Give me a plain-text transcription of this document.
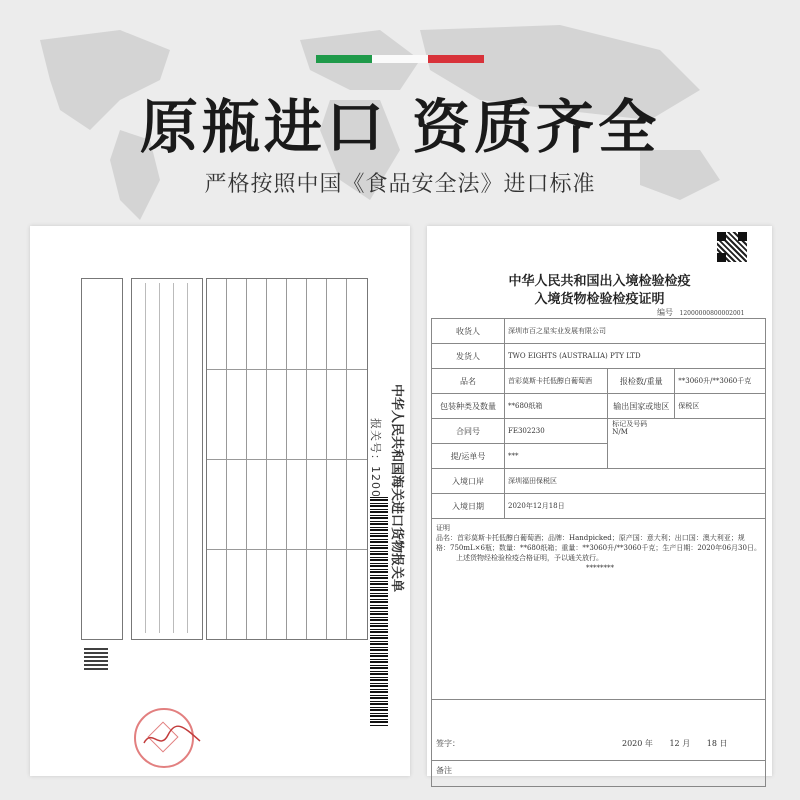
原瓶进口 资质齐全
严格按照中国《食品安全法》进口标准
中华人民共和国海关进口货物报关单
中华人民共和国出入境检验检疫
入境货物检验检疫证明
编号 12000000800002001
收货人	深圳市百之星实业发展有限公司		
发货人	TWO EIGHTS (AUSTRALIA) PTY LTD		
品名	首彩莫斯卡托低醇白葡萄酒	报检数/重量	**3060升/**3060千克
包装种类及数量	**680纸箱	输出国家或地区	保税区
合同号	FE302230	标记及号码
N/M	

提/运单号	***		
入境口岸	深圳福田保税区		
入境日期	2020年12月18日		

证明
品名：首彩莫斯卡托低醇白葡萄酒；品牌：Handpicked；原产国：意大利；出口国：澳大利亚；规
格：750mL×6瓶；数量：**680纸箱；重量：**3060升/**3060千克；生产日期：2020年06月30日。
上述货物经检验检疫合格证明，予以通关放行。
********			

签字： 2020 年 12 月 18 日			

备注			
